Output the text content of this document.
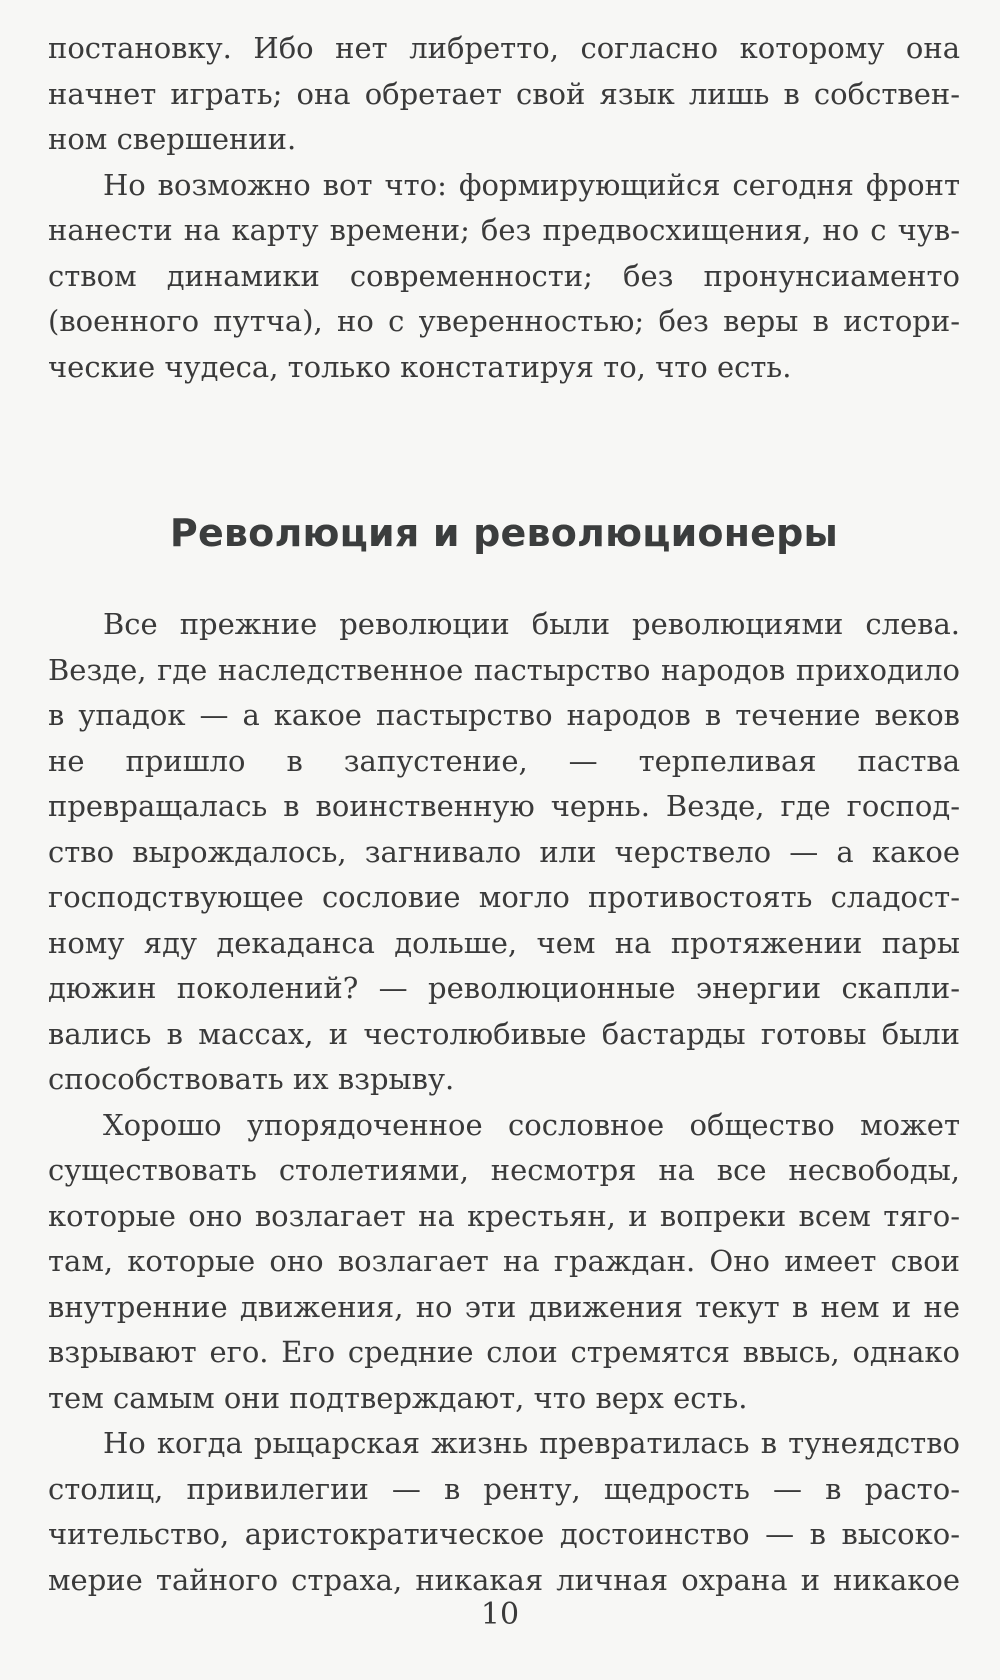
постановку. Ибо нет либретто, согласно которому она начнет играть; она обретает свой язык лишь в собственном свершении.

Но возможно вот что: формирующийся сегодня фронт нанести на карту времени; без предвосхищения, но с чувством динамики современности; без пронунсиаменто (военного путча), но с уверенностью; без веры в исторические чудеса, только констатируя то, что есть.

Революция и революционеры

Все прежние революции были революциями слева. Везде, где наследственное пастырство народов приходило в упадок — а какое пастырство народов в течение веков не пришло в запустение, — терпеливая паства превращалась в воинственную чернь. Везде, где господство вырождалось, загнивало или черствело — а какое господствующее сословие могло противостоять сладостному яду декаданса дольше, чем на протяжении пары дюжин поколений? — революционные энергии скапливались в массах, и честолюбивые бастарды готовы были способствовать их взрыву.

Хорошо упорядоченное сословное общество может существовать столетиями, несмотря на все несвободы, которые оно возлагает на крестьян, и вопреки всем тяготам, которые оно возлагает на граждан. Оно имеет свои внутренние движения, но эти движения текут в нем и не взрывают его. Его средние слои стремятся ввысь, однако тем самым они подтверждают, что верх есть.

Но когда рыцарская жизнь превратилась в тунеядство столиц, привилегии — в ренту, щедрость — в расточительство, аристократическое достоинство — в высокомерие тайного страха, никакая личная охрана и никакое

10
